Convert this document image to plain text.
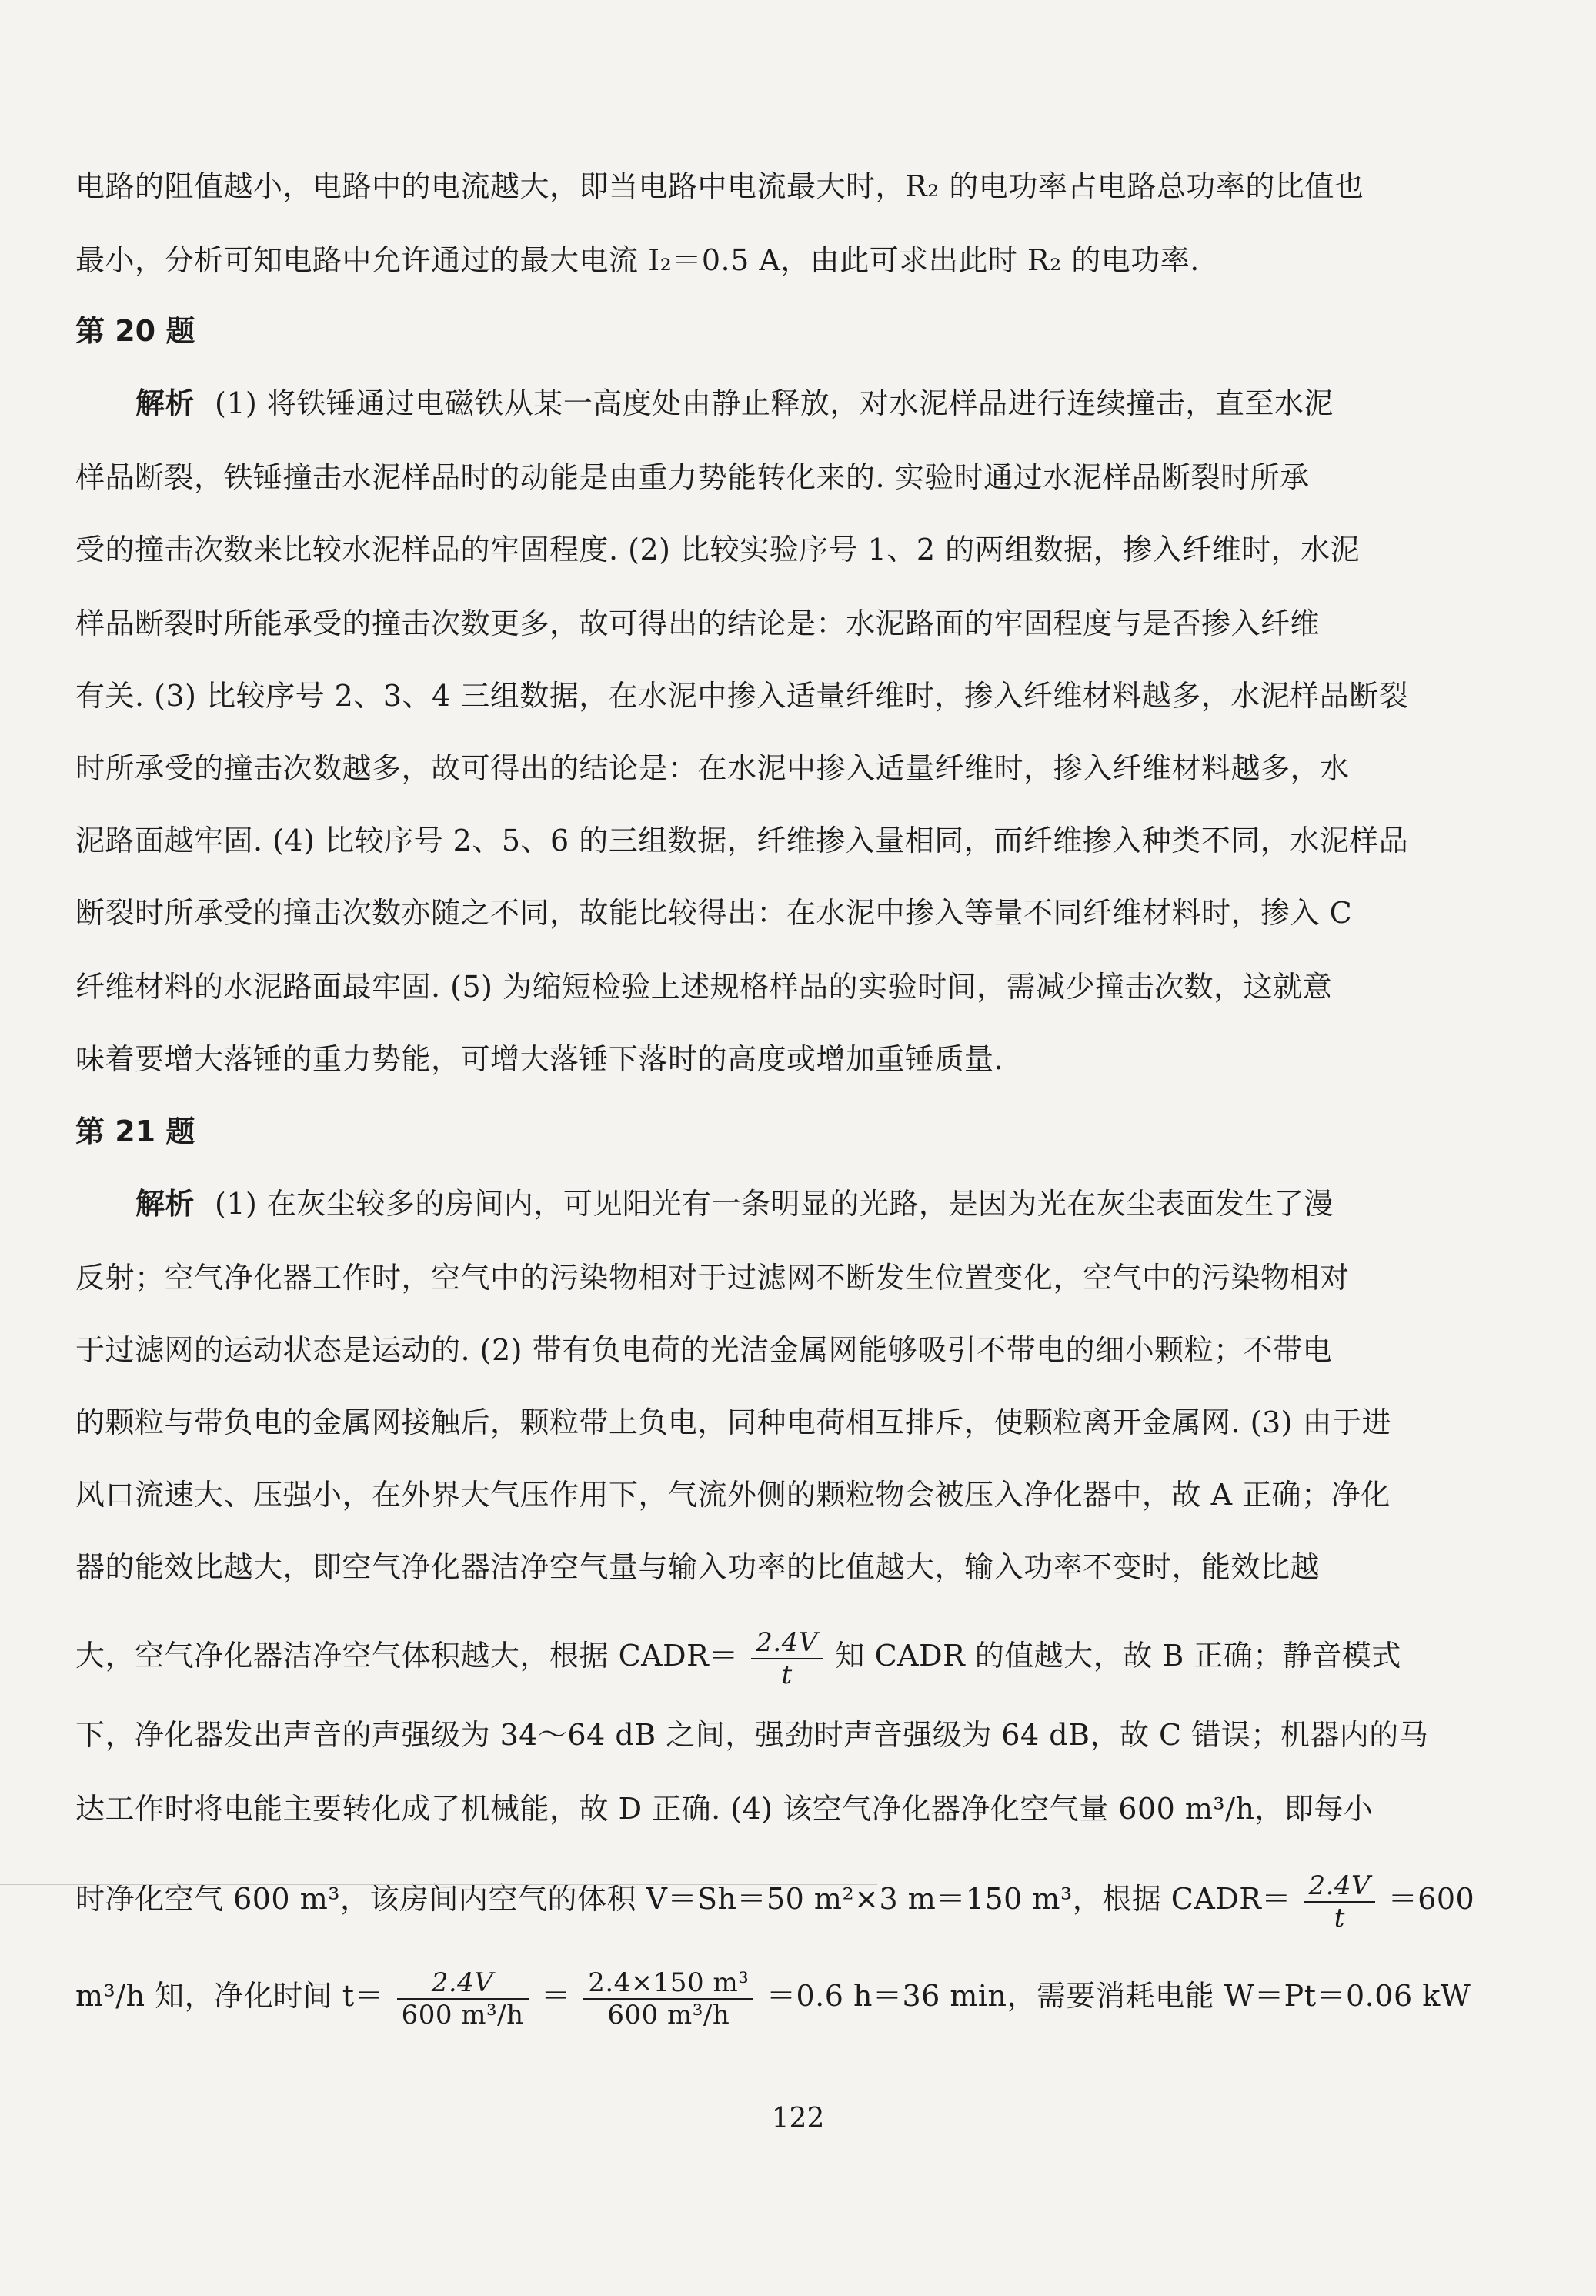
电路的阻值越小，电路中的电流越大，即当电路中电流最大时，R₂ 的电功率占电路总功率的比值也
最小，分析可知电路中允许通过的最大电流 I₂＝0.5 A，由此可求出此时 R₂ 的电功率.
第 20 题
解析 (1) 将铁锤通过电磁铁从某一高度处由静止释放，对水泥样品进行连续撞击，直至水泥
样品断裂，铁锤撞击水泥样品时的动能是由重力势能转化来的. 实验时通过水泥样品断裂时所承
受的撞击次数来比较水泥样品的牢固程度. (2) 比较实验序号 1、2 的两组数据，掺入纤维时，水泥
样品断裂时所能承受的撞击次数更多，故可得出的结论是：水泥路面的牢固程度与是否掺入纤维
有关. (3) 比较序号 2、3、4 三组数据，在水泥中掺入适量纤维时，掺入纤维材料越多，水泥样品断裂
时所承受的撞击次数越多，故可得出的结论是：在水泥中掺入适量纤维时，掺入纤维材料越多，水
泥路面越牢固. (4) 比较序号 2、5、6 的三组数据，纤维掺入量相同，而纤维掺入种类不同，水泥样品
断裂时所承受的撞击次数亦随之不同，故能比较得出：在水泥中掺入等量不同纤维材料时，掺入 C
纤维材料的水泥路面最牢固. (5) 为缩短检验上述规格样品的实验时间，需减少撞击次数，这就意
味着要增大落锤的重力势能，可增大落锤下落时的高度或增加重锤质量.
第 21 题
解析 (1) 在灰尘较多的房间内，可见阳光有一条明显的光路，是因为光在灰尘表面发生了漫
反射；空气净化器工作时，空气中的污染物相对于过滤网不断发生位置变化，空气中的污染物相对
于过滤网的运动状态是运动的. (2) 带有负电荷的光洁金属网能够吸引不带电的细小颗粒；不带电
的颗粒与带负电的金属网接触后，颗粒带上负电，同种电荷相互排斥，使颗粒离开金属网. (3) 由于进
风口流速大、压强小，在外界大气压作用下，气流外侧的颗粒物会被压入净化器中，故 A 正确；净化
器的能效比越大，即空气净化器洁净空气量与输入功率的比值越大，输入功率不变时，能效比越
大，空气净化器洁净空气体积越大，根据 CADR＝ $\frac{2.4V}{t}$ 知 CADR 的值越大，故 B 正确；静音模式
下，净化器发出声音的声强级为 34～64 dB 之间，强劲时声音强级为 64 dB，故 C 错误；机器内的马
达工作时将电能主要转化成了机械能，故 D 正确. (4) 该空气净化器净化空气量 600 m³/h，即每小
时净化空气 600 m³，该房间内空气的体积 V＝Sh＝50 m²×3 m＝150 m³，根据 CADR＝ $\frac{2.4V}{t} =600$
m³/h 知，净化时间 $t= \frac{2.4V}{\text{600 m³/h}} = \frac{\text{2.4×150 m³}}{\text{600 m³/h}} =0.6$ h＝36 min，需要消耗电能 W＝Pt＝0.06 kW
122
